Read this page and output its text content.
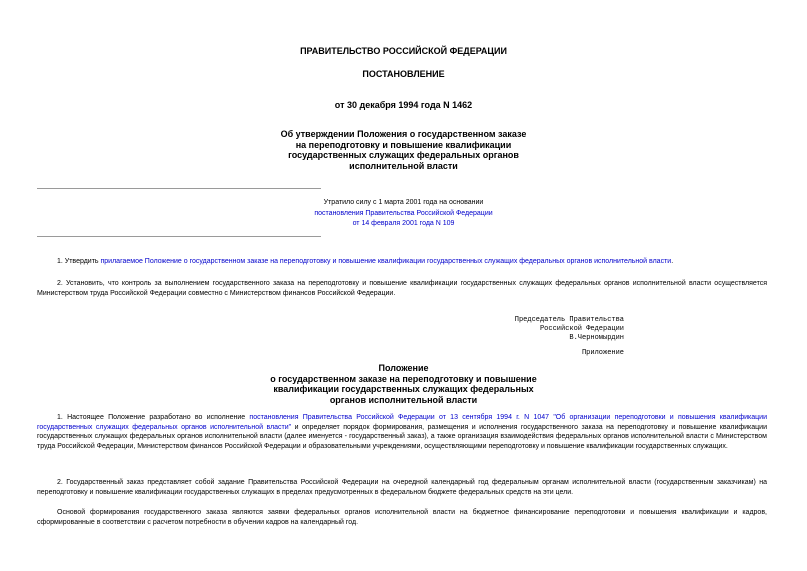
ПРАВИТЕЛЬСТВО РОССИЙСКОЙ ФЕДЕРАЦИИ
ПОСТАНОВЛЕНИЕ
от 30 декабря 1994 года N 1462
Об утверждении Положения о государственном заказе
на переподготовку и повышение квалификации
государственных служащих федеральных органов
исполнительной власти
Утратило силу с 1 марта 2001 года на основании
постановления Правительства Российской Федерации
от 14 февраля 2001 года N 109
1. Утвердить прилагаемое Положение о государственном заказе на переподготовку и повышение квалификации государственных служащих федеральных органов исполнительной власти.
2. Установить, что контроль за выполнением государственного заказа на переподготовку и повышение квалификации государственных служащих федеральных органов исполнительной власти осуществляется Министерством труда Российской Федерации совместно с Министерством финансов Российской Федерации.
Председатель Правительства
Российской Федерации
В.Черномырдин
Приложение
Положение
о государственном заказе на переподготовку и повышение
квалификации государственных служащих федеральных
органов исполнительной власти
1. Настоящее Положение разработано во исполнение постановления Правительства Российской Федерации от 13 сентября 1994 г. N 1047 "Об организации переподготовки и повышения квалификации государственных служащих федеральных органов исполнительной власти" и определяет порядок формирования, размещения и исполнения государственного заказа на переподготовку и повышение квалификации государственных служащих федеральных органов исполнительной власти (далее именуется - государственный заказ), а также организация взаимодействия федеральных органов исполнительной власти с Министерством труда Российской Федерации, Министерством финансов Российской Федерации и образовательными учреждениями, осуществляющими переподготовку и повышение квалификации государственных служащих.
2. Государственный заказ представляет собой задание Правительства Российской Федерации на очередной календарный год федеральным органам исполнительной власти (государственным заказчикам) на переподготовку и повышение квалификации государственных служащих в пределах предусмотренных в федеральном бюджете федеральных средств на эти цели.
Основой формирования государственного заказа являются заявки федеральных органов исполнительной власти на бюджетное финансирование переподготовки и повышения квалификации и кадров, сформированные в соответствии с расчетом потребности в обучении кадров на календарный год.
